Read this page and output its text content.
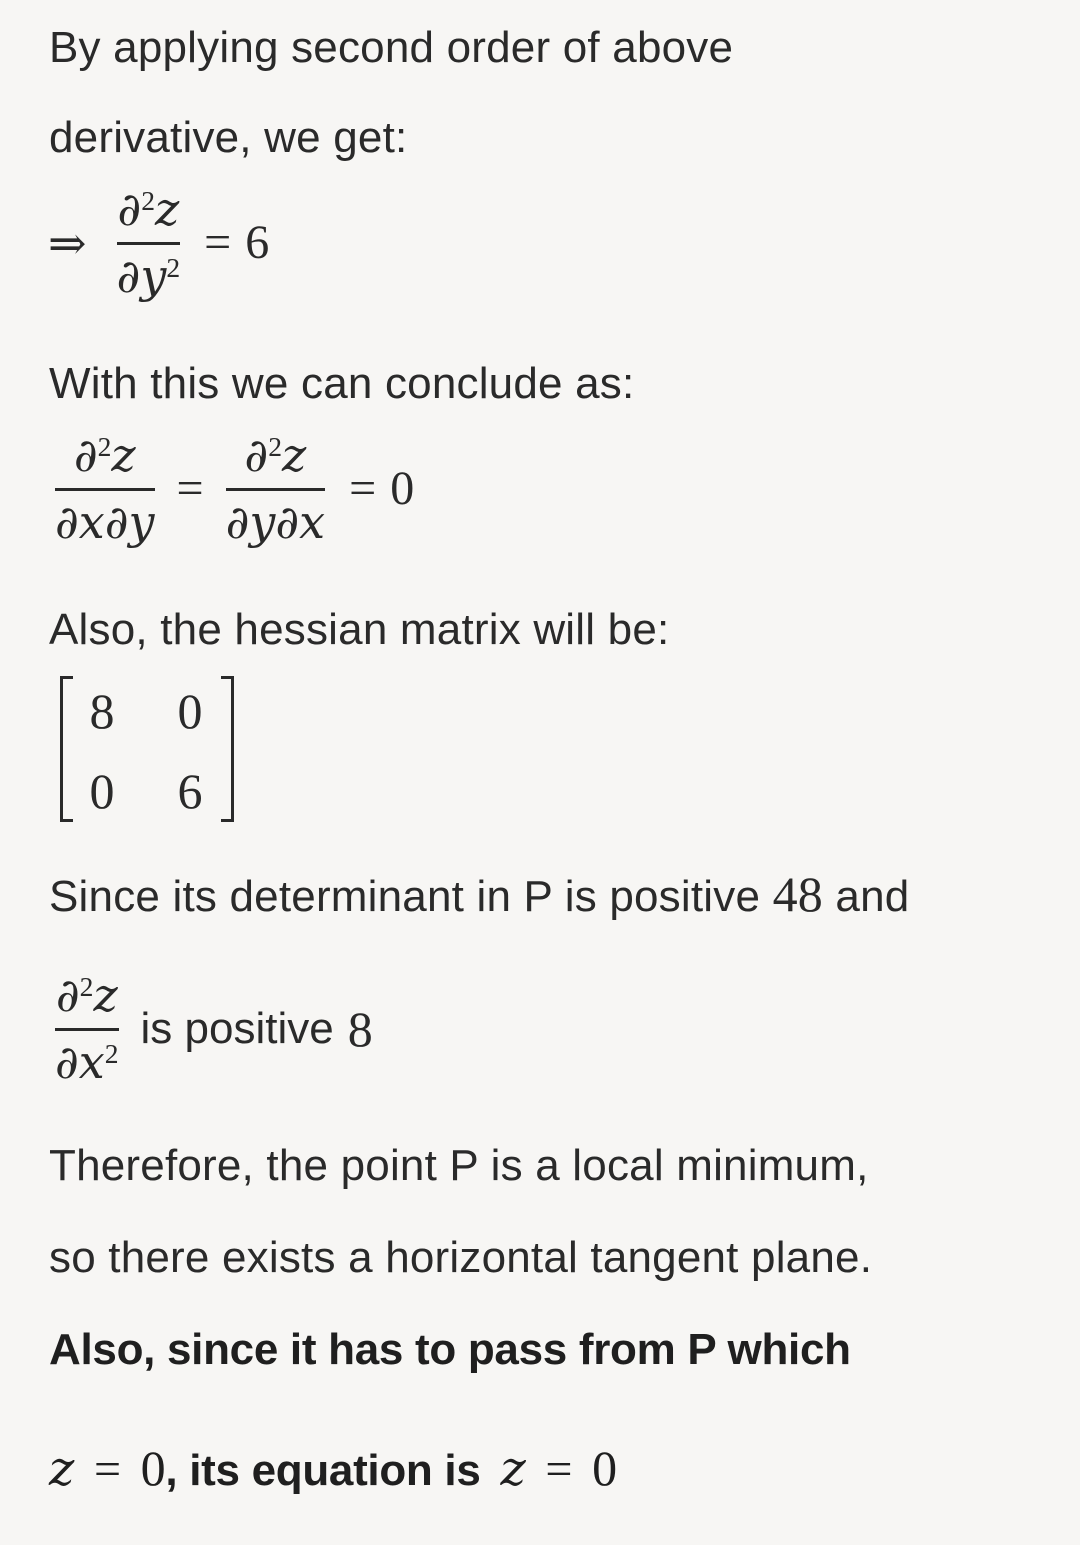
By applying second order of above
derivative, we get:
⇒ $\frac{\partial^2z}{\partial y^2} = 6$
With this we can conclude as:
$\frac{\partial^2z}{\partial x\partial y} = \frac{\partial^2z}{\partial y\partial x} = 0$
Also, the hessian matrix will be:
8 0
0 6
Since its determinant in P is positive 48 and
$\frac{\partial^2z}{\partial x^2}$ is positive 8
Therefore, the point P is a local minimum,
so there exists a horizontal tangent plane.
Also, since it has to pass from P which
z = 0, its equation is z = 0
